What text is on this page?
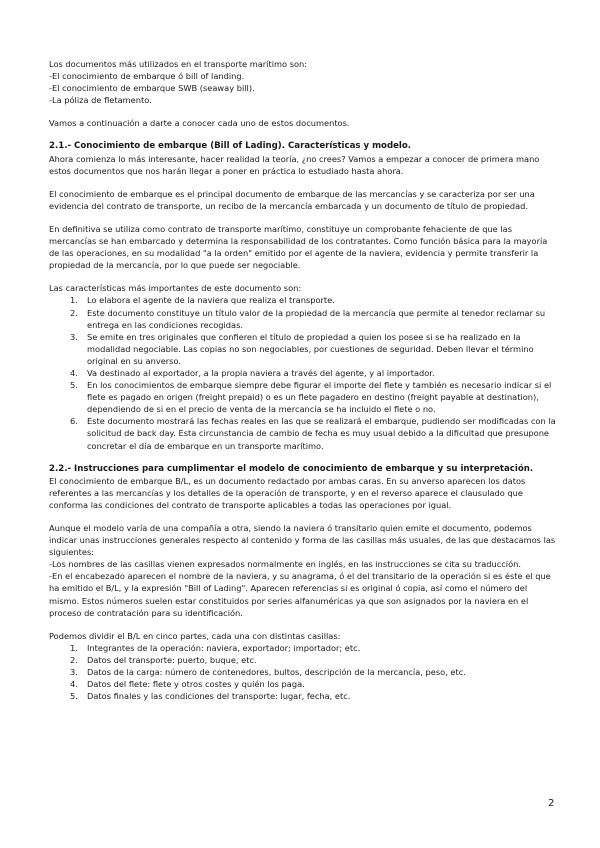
Los documentos más utilizados en el transporte marítimo son:

-El conocimiento de embarque ó bill of landing.

-El conocimiento de embarque SWB (seaway bill).

-La póliza de fletamento.

Vamos a continuación a darte a conocer cada uno de estos documentos.

2.1.- Conocimiento de embarque (Bill of Lading). Características y modelo.

Ahora comienza lo más interesante, hacer realidad la teoría, ¿no crees? Vamos a empezar a conocer de primera mano estos documentos que nos harán llegar a poner en práctica lo estudiado hasta ahora.

El conocimiento de embarque es el principal documento de embarque de las mercancías y se caracteriza por ser una evidencia del contrato de transporte, un recibo de la mercancía embarcada y un documento de título de propiedad.

En definitiva se utiliza como contrato de transporte marítimo, constituye un comprobante fehaciente de que las mercancías se han embarcado y determina la responsabilidad de los contratantes. Como función básica para la mayoría de las operaciones, en su modalidad "a la orden" emitido por el agente de la naviera, evidencia y permite transferir la propiedad de la mercancía, por lo que puede ser negociable.

Las características más importantes de este documento son:

1. Lo elabora el agente de la naviera que realiza el transporte.
2. Este documento constituye un título valor de la propiedad de la mercancía que permite al tenedor reclamar su entrega en las condiciones recogidas.
3. Se emite en tres originales que confieren el título de propiedad a quien los posee si se ha realizado en la modalidad negociable. Las copias no son negociables, por cuestiones de seguridad. Deben llevar el término original en su anverso.
4. Va destinado al exportador, a la propia naviera a través del agente, y al importador.
5. En los conocimientos de embarque siempre debe figurar el importe del flete y también es necesario indicar si el flete es pagado en origen (freight prepaid) o es un flete pagadero en destino (freight payable at destination), dependiendo de si en el precio de venta de la mercancía se ha incluido el flete o no.
6. Este documento mostrará las fechas reales en las que se realizará el embarque, pudiendo ser modificadas con la solicitud de back day. Esta circunstancia de cambio de fecha es muy usual debido a la dificultad que presupone concretar el día de embarque en un transporte marítimo.
2.2.- Instrucciones para cumplimentar el modelo de conocimiento de embarque y su interpretación.

El conocimiento de embarque B/L, es un documento redactado por ambas caras. En su anverso aparecen los datos referentes a las mercancías y los detalles de la operación de transporte, y en el reverso aparece el clausulado que conforma las condiciones del contrato de transporte aplicables a todas las operaciones por igual.

Aunque el modelo varía de una compañía a otra, siendo la naviera ó transitario quien emite el documento, podemos indicar unas instrucciones generales respecto al contenido y forma de las casillas más usuales, de las que destacamos las siguientes:

-Los nombres de las casillas vienen expresados normalmente en inglés, en las instrucciones se cita su traducción.

-En el encabezado aparecen el nombre de la naviera, y su anagrama, ó el del transitario de la operación si es éste el que ha emitido el B/L, y la expresión "Bill of Lading". Aparecen referencias si es original ó copia, así como el número del mismo. Estos números suelen estar constituidos por series alfanuméricas ya que son asignados por la naviera en el proceso de contratación para su identificación.

Podemos dividir el B/L en cinco partes, cada una con distintas casillas:

1. Integrantes de la operación: naviera, exportador; importador; etc.
2. Datos del transporte: puerto, buque, etc.
3. Datos de la carga: número de contenedores, bultos, descripción de la mercancía, peso, etc.
4. Datos del flete: flete y otros costes y quién los paga.
5. Datos finales y las condiciones del transporte: lugar, fecha, etc.
2
